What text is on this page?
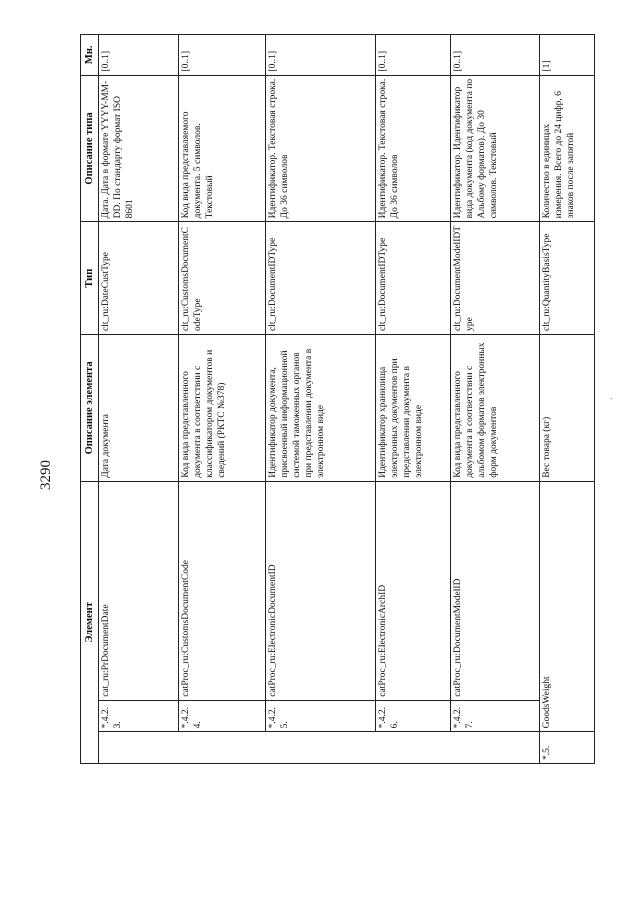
3290
·
Элемент			Описание элемента	Тип	Описание типа	Мн.
	*.4.2.3.	cat_ru:PrDocumentDate	Дата документа	clt_ru:DateCustType	Дата. Дата в формате YYYY-MM-DD. По стандарту формат ISO 8601	[0..1]
	*.4.2.4.	catProc_ru:CustomsDocumentCode	Код вида представленного документа в соответствии с классификатором документов и сведений (РКТС №378)	clt_ru:CustomsDocumentCodeType	Код вида представляемого документа. 5 символов. Текстовый	[0..1]
	*.4.2.5.	catProc_ru:ElectronicDocumentID	Идентификатор документа, присвоенный информационной системой таможенных органов при представлении документа в электронном виде	clt_ru:DocumentIDType	Идентификатор. Текстовая строка. До 36 символов	[0..1]
	*.4.2.6.	catProc_ru:ElectronicArchID	Идентификатор хранилища электронных документов при представлении документа в электронном виде	clt_ru:DocumentIDType	Идентификатор. Текстовая строка. До 36 символов	[0..1]
	*.4.2.7.	catProc_ru:DocumentModelID	Код вида представленного документа в соответствии с альбомом форматов электронных форм документов	clt_ru:DocumentModelIDType	Идентификатор. Идентификатор вида документа (код документа по Альбому форматов). До 30 символов. Текстовый	[0..1]
*.5.	GoodsWeight		Вес товара (кг)	clt_ru:QuantityBasisType	Количество в единицах измерения. Всего до 24 цифр, 6 знаков после запятой	[1]
